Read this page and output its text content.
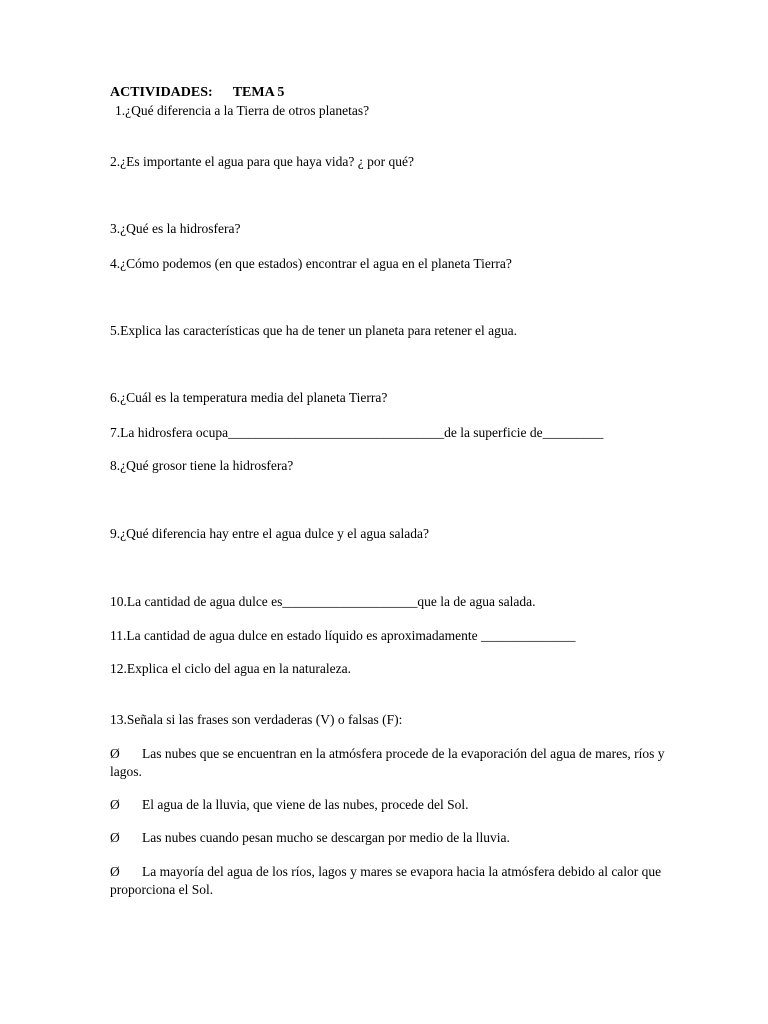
ACTIVIDADES: TEMA 5
1.¿Qué diferencia a la Tierra de otros planetas?
2.¿Es importante el agua para que haya vida? ¿ por qué?
3.¿Qué es la hidrosfera?
4.¿Cómo podemos (en que estados) encontrar el agua en el planeta Tierra?
5.Explica las características que ha de tener un planeta para retener el agua.
6.¿Cuál es la temperatura media del planeta Tierra?
7.La hidrosfera ocupa________________________________de la superficie de_________
8.¿Qué grosor tiene la hidrosfera?
9.¿Qué diferencia hay entre el agua dulce y el agua salada?
10.La cantidad de agua dulce es____________________que la de agua salada.
11.La cantidad de agua dulce en estado líquido es aproximadamente ______________
12.Explica el ciclo del agua en la naturaleza.
13.Señala si las frases son verdaderas (V) o falsas (F):
Ø Las nubes que se encuentran en la atmósfera procede de la evaporación del agua de mares, ríos y lagos.
Ø El agua de la lluvia, que viene de las nubes, procede del Sol.
Ø Las nubes cuando pesan mucho se descargan por medio de la lluvia.
Ø La mayoría del agua de los ríos, lagos y mares se evapora hacia la atmósfera debido al calor que proporciona el Sol.
